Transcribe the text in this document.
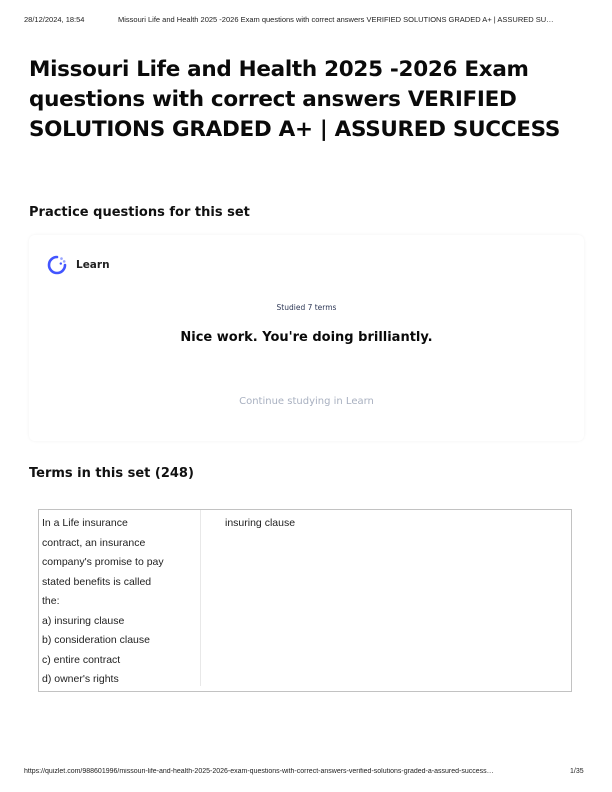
28/12/2024, 18:54	Missouri Life and Health 2025 -2026 Exam questions with correct answers VERIFIED SOLUTIONS GRADED A+ | ASSURED SU…
Missouri Life and Health 2025 -2026 Exam questions with correct answers VERIFIED SOLUTIONS GRADED A+ | ASSURED SUCCESS
Practice questions for this set
Learn
Studied 7 terms
Nice work. You're doing brilliantly.
Continue studying in Learn
Terms in this set (248)
In a Life insurance
contract, an insurance
company's promise to pay
stated benefits is called
the:
a) insuring clause
b) consideration clause
c) entire contract
d) owner's rights
insuring clause
https://quizlet.com/988601996/missouri-life-and-health-2025-2026-exam-questions-with-correct-answers-verified-solutions-graded-a-assured-success…	1/35
